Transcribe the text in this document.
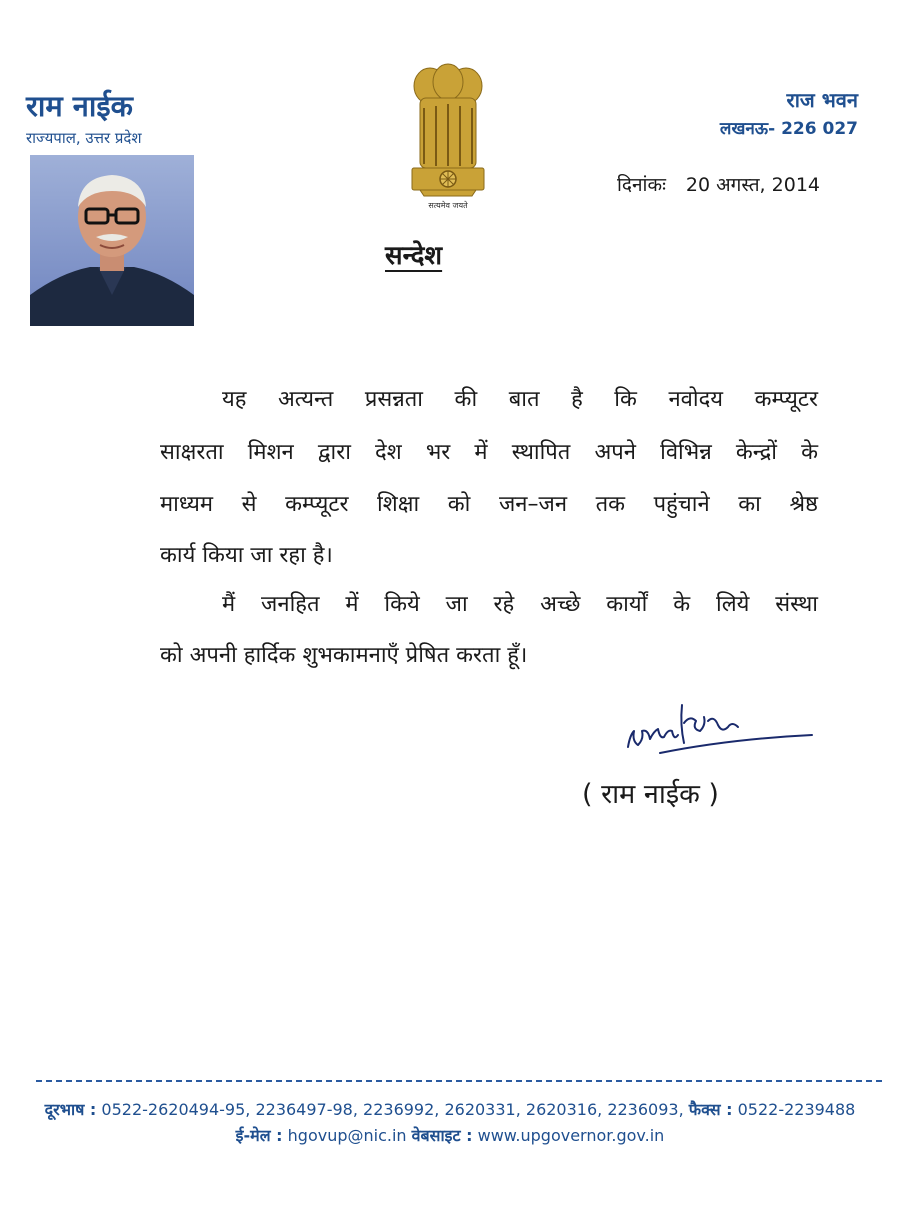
राम नाईक
राज्यपाल, उत्तर प्रदेश
सत्यमेव जयते
राज भवन
लखनऊ- 226 027
दिनांकः 20 अगस्त, 2014
सन्देश
यह अत्यन्त प्रसन्नता की बात है कि नवोदय कम्प्यूटर
साक्षरता मिशन द्वारा देश भर में स्थापित अपने विभिन्न केन्द्रों के
माध्यम से कम्प्यूटर शिक्षा को जन–जन तक पहुंचाने का श्रेष्ठ
कार्य किया जा रहा है।
मैं जनहित में किये जा रहे अच्छे कार्यों के लिये संस्था
को अपनी हार्दिक शुभकामनाएँ प्रेषित करता हूँ।
( राम नाईक )
दूरभाष : 0522-2620494-95, 2236497-98, 2236992, 2620331, 2620316, 2236093, फैक्स : 0522-2239488
ई-मेल : hgovup@nic.in वेबसाइट : www.upgovernor.gov.in
